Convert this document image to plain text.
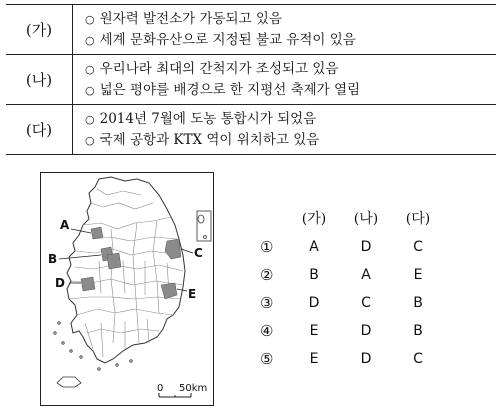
(가)
○ 원자력 발전소가 가동되고 있음
○ 세계 문화유산으로 지정된 불교 유적이 있음
(나)
○ 우리나라 최대의 간척지가 조성되고 있음
○ 넓은 평야를 배경으로 한 지평선 축제가 열림
(다)
○ 2014년 7월에 도농 통합시가 되었음
○ 국제 공항과 KTX 역이 위치하고 있음
A
B
D
C
E
0 50km
(가)	(나)	(다)
①	A	D	C
②	B	A	E
③	D	C	B
④	E	D	B
⑤	E	D	C
